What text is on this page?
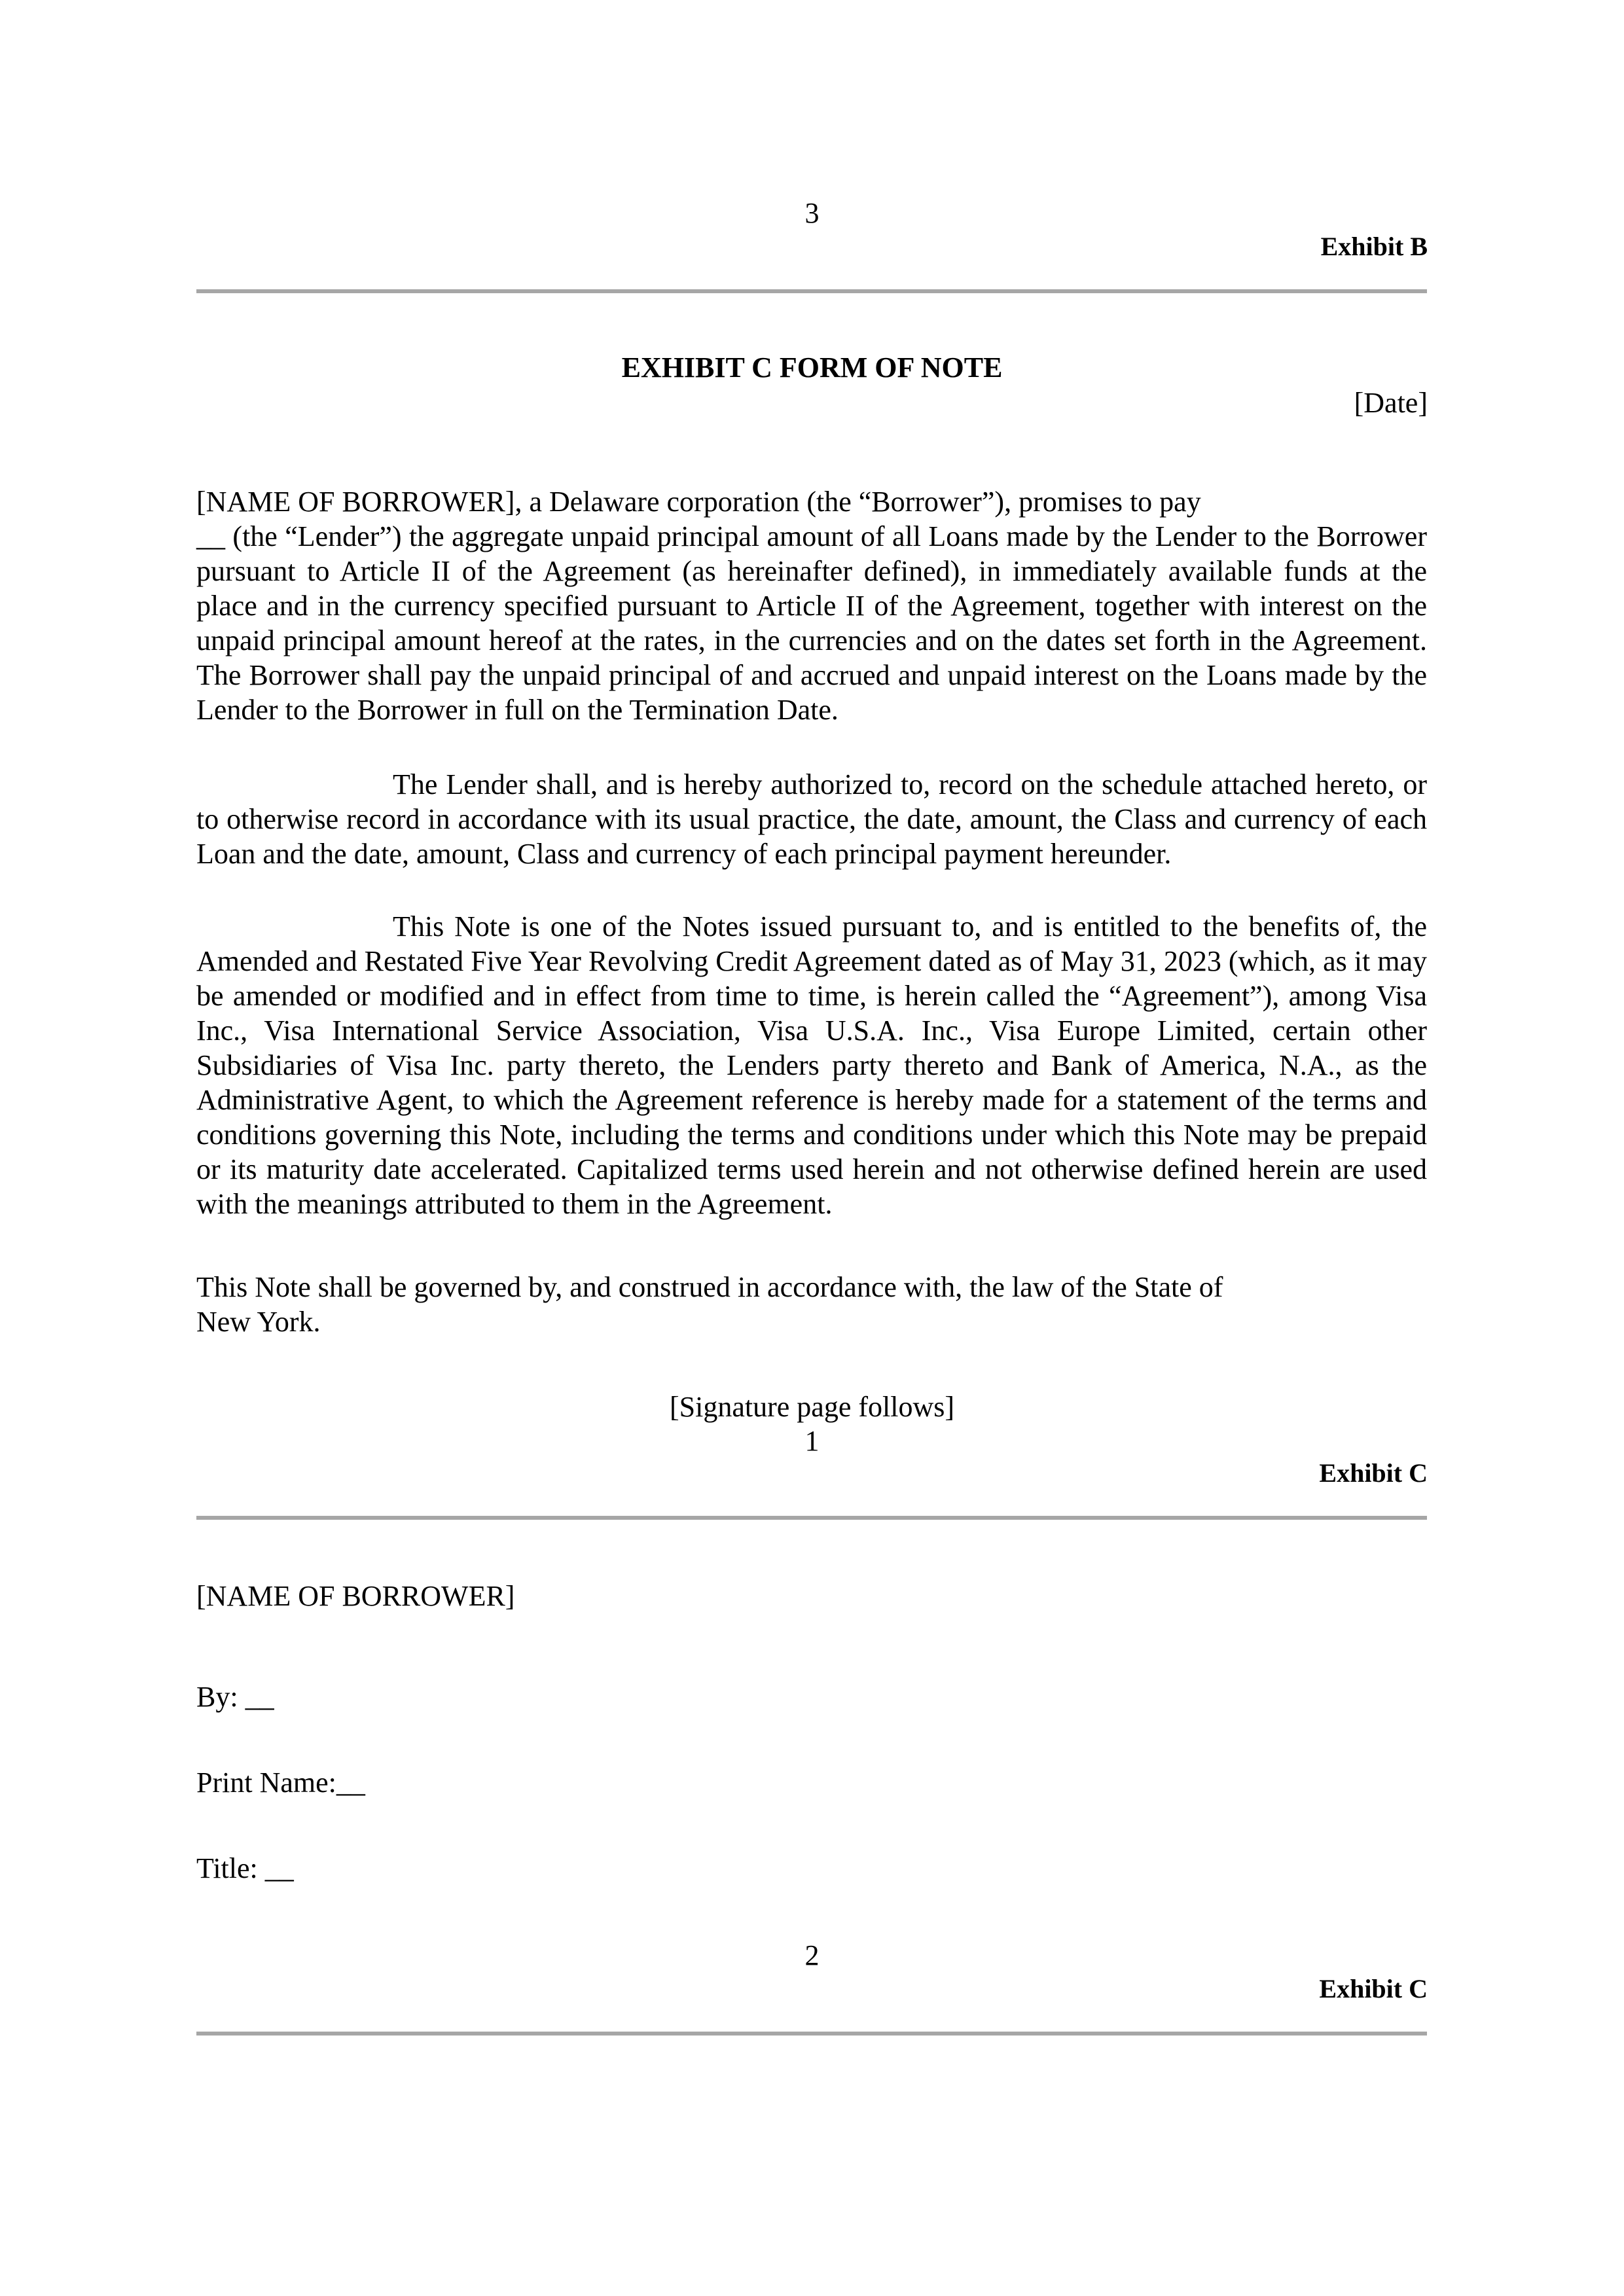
3
Exhibit B
EXHIBIT C FORM OF NOTE
[Date]
[NAME OF BORROWER], a Delaware corporation (the “Borrower”), promises to pay
__ (the “Lender”) the aggregate unpaid principal amount of all Loans made by the Lender to the Borrower pursuant to Article II of the Agreement (as hereinafter defined), in immediately available funds at the place and in the currency specified pursuant to Article II of the Agreement, together with interest on the unpaid principal amount hereof at the rates, in the currencies and on the dates set forth in the Agreement. The Borrower shall pay the unpaid principal of and accrued and unpaid interest on the Loans made by the Lender to the Borrower in full on the Termination Date.
The Lender shall, and is hereby authorized to, record on the schedule attached hereto, or to otherwise record in accordance with its usual practice, the date, amount, the Class and currency of each Loan and the date, amount, Class and currency of each principal payment hereunder.
This Note is one of the Notes issued pursuant to, and is entitled to the benefits of, the Amended and Restated Five Year Revolving Credit Agreement dated as of May 31, 2023 (which, as it may be amended or modified and in effect from time to time, is herein called the “Agreement”), among Visa Inc., Visa International Service Association, Visa U.S.A. Inc., Visa Europe Limited, certain other Subsidiaries of Visa Inc. party thereto, the Lenders party thereto and Bank of America, N.A., as the Administrative Agent, to which the Agreement reference is hereby made for a statement of the terms and conditions governing this Note, including the terms and conditions under which this Note may be prepaid or its maturity date accelerated. Capitalized terms used herein and not otherwise defined herein are used with the meanings attributed to them in the Agreement.
This Note shall be governed by, and construed in accordance with, the law of the State of
New York.
[Signature page follows]
1
Exhibit C
[NAME OF BORROWER]
By: __
Print Name:__
Title: __
2
Exhibit C
